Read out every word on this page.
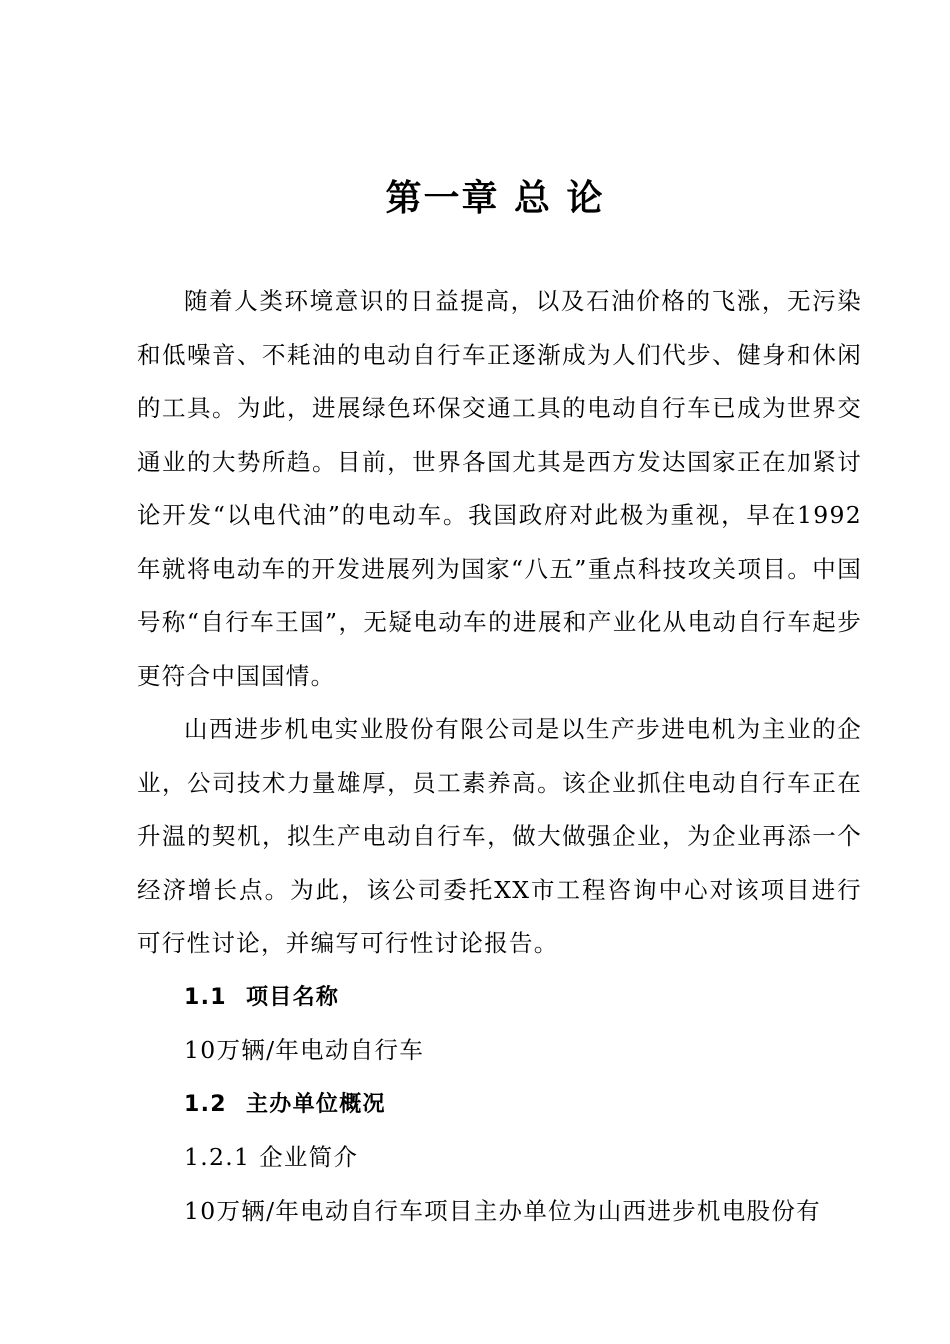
第一章 总 论

随着人类环境意识的日益提高，以及石油价格的飞涨，无污染和低噪音、不耗油的电动自行车正逐渐成为人们代步、健身和休闲的工具。为此，进展绿色环保交通工具的电动自行车已成为世界交通业的大势所趋。目前，世界各国尤其是西方发达国家正在加紧讨论开发“以电代油”的电动车。我国政府对此极为重视，早在1992年就将电动车的开发进展列为国家“八五”重点科技攻关项目。中国号称“自行车王国”，无疑电动车的进展和产业化从电动自行车起步更符合中国国情。

山西进步机电实业股份有限公司是以生产步进电机为主业的企业，公司技术力量雄厚，员工素养高。该企业抓住电动自行车正在升温的契机，拟生产电动自行车，做大做强企业，为企业再添一个经济增长点。为此，该公司委托XX市工程咨询中心对该项目进行可行性讨论，并编写可行性讨论报告。

1.1 项目名称

10万辆/年电动自行车

1.2 主办单位概况

1.2.1 企业简介

10万辆/年电动自行车项目主办单位为山西进步机电股份有
